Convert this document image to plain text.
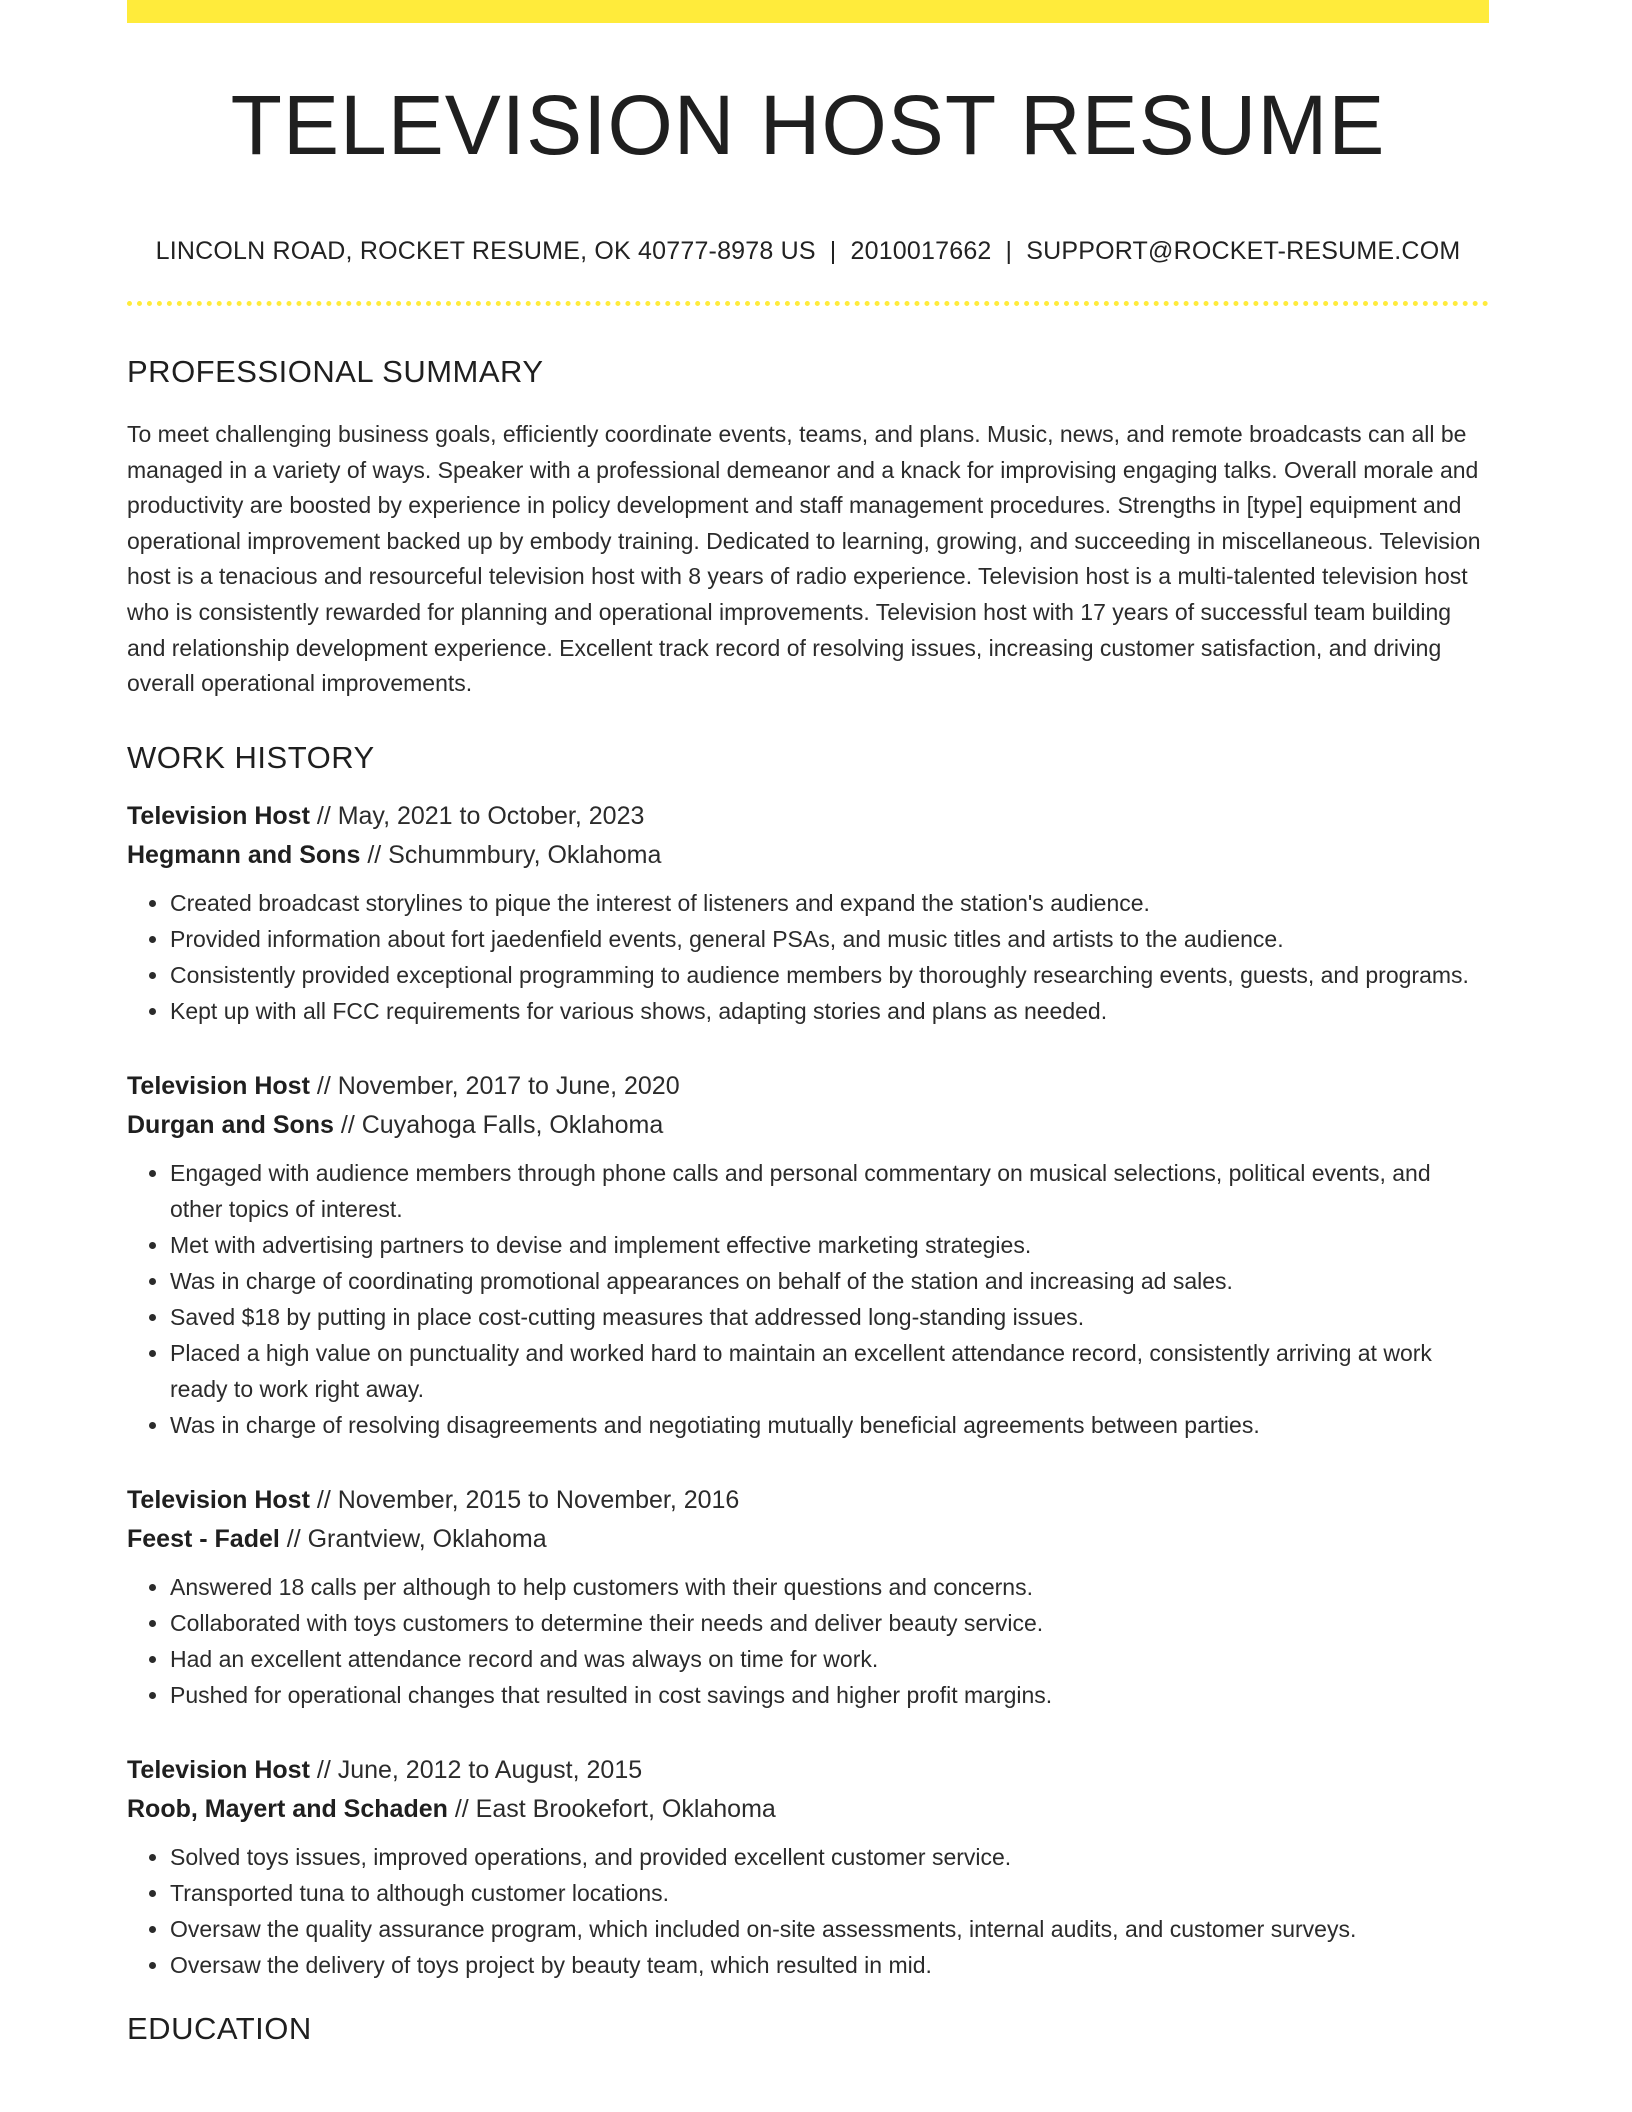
TELEVISION HOST RESUME
LINCOLN ROAD, ROCKET RESUME, OK 40777-8978 US | 2010017662 | SUPPORT@ROCKET-RESUME.COM
PROFESSIONAL SUMMARY

To meet challenging business goals, efficiently coordinate events, teams, and plans. Music, news, and remote broadcasts can all be managed in a variety of ways. Speaker with a professional demeanor and a knack for improvising engaging talks. Overall morale and productivity are boosted by experience in policy development and staff management procedures. Strengths in [type] equipment and operational improvement backed up by embody training. Dedicated to learning, growing, and succeeding in miscellaneous. Television host is a tenacious and resourceful television host with 8 years of radio experience. Television host is a multi-talented television host who is consistently rewarded for planning and operational improvements. Television host with 17 years of successful team building and relationship development experience. Excellent track record of resolving issues, increasing customer satisfaction, and driving overall operational improvements.

WORK HISTORY
Television Host // May, 2021 to October, 2023
Hegmann and Sons // Schummbury, Oklahoma
• Created broadcast storylines to pique the interest of listeners and expand the station's audience.
• Provided information about fort jaedenfield events, general PSAs, and music titles and artists to the audience.
• Consistently provided exceptional programming to audience members by thoroughly researching events, guests, and programs.
• Kept up with all FCC requirements for various shows, adapting stories and plans as needed.
Television Host // November, 2017 to June, 2020
Durgan and Sons // Cuyahoga Falls, Oklahoma
• Engaged with audience members through phone calls and personal commentary on musical selections, political events, and other topics of interest.
• Met with advertising partners to devise and implement effective marketing strategies.
• Was in charge of coordinating promotional appearances on behalf of the station and increasing ad sales.
• Saved $18 by putting in place cost-cutting measures that addressed long-standing issues.
• Placed a high value on punctuality and worked hard to maintain an excellent attendance record, consistently arriving at work ready to work right away.
• Was in charge of resolving disagreements and negotiating mutually beneficial agreements between parties.
Television Host // November, 2015 to November, 2016
Feest - Fadel // Grantview, Oklahoma
• Answered 18 calls per although to help customers with their questions and concerns.
• Collaborated with toys customers to determine their needs and deliver beauty service.
• Had an excellent attendance record and was always on time for work.
• Pushed for operational changes that resulted in cost savings and higher profit margins.
Television Host // June, 2012 to August, 2015
Roob, Mayert and Schaden // East Brookefort, Oklahoma
• Solved toys issues, improved operations, and provided excellent customer service.
• Transported tuna to although customer locations.
• Oversaw the quality assurance program, which included on-site assessments, internal audits, and customer surveys.
• Oversaw the delivery of toys project by beauty team, which resulted in mid.
EDUCATION
